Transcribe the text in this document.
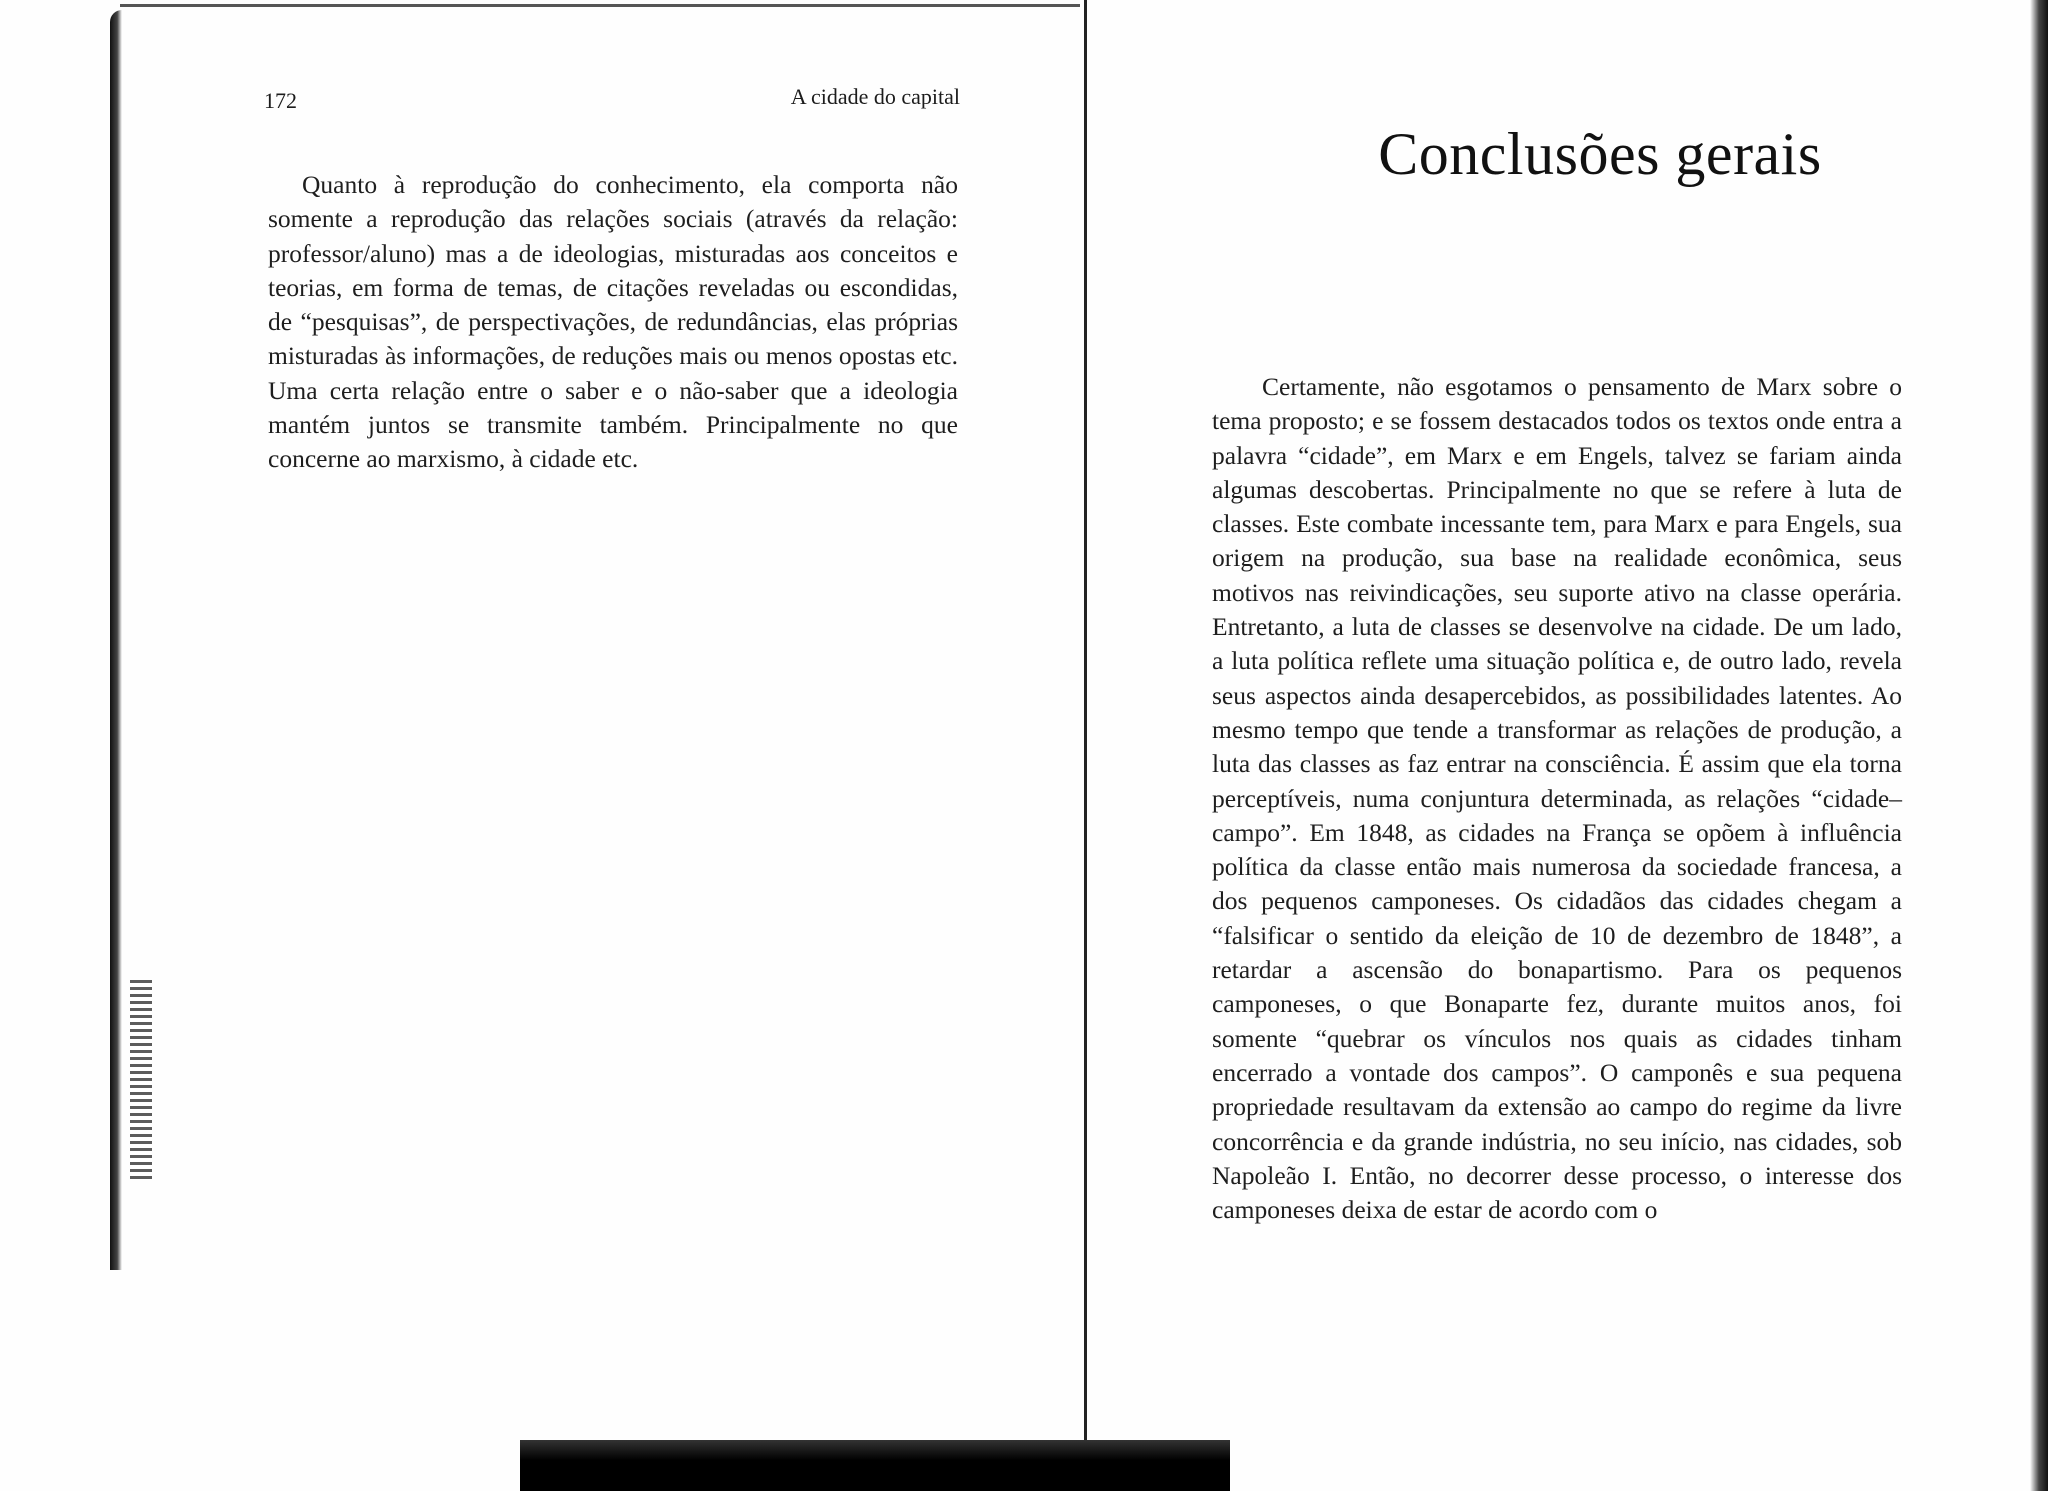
172	A cidade do capital

Quanto à reprodução do conhecimento, ela comporta não somente a reprodução das relações sociais (através da relação: professor/aluno) mas a de ideologias, misturadas aos conceitos e teorias, em forma de temas, de citações reveladas ou escondidas, de “pesquisas”, de perspectivações, de redundâncias, elas próprias misturadas às informações, de reduções mais ou menos opostas etc. Uma certa relação entre o saber e o não-saber que a ideologia mantém juntos se transmite também. Principalmente no que concerne ao marxismo, à cidade etc.

Conclusões gerais

Certamente, não esgotamos o pensamento de Marx sobre o tema proposto; e se fossem destacados todos os textos onde entra a palavra “cidade”, em Marx e em Engels, talvez se fariam ainda algumas descobertas. Principalmente no que se refere à luta de classes. Este combate incessante tem, para Marx e para Engels, sua origem na produção, sua base na realidade econômica, seus motivos nas reivindicações, seu suporte ativo na classe operária. Entretanto, a luta de classes se desenvolve na cidade. De um lado, a luta política reflete uma situação política e, de outro lado, revela seus aspectos ainda desapercebidos, as possibilidades latentes. Ao mesmo tempo que tende a transformar as relações de produção, a luta das classes as faz entrar na consciência. É assim que ela torna perceptíveis, numa conjuntura determinada, as relações “cidade–campo”. Em 1848, as cidades na França se opõem à influência política da classe então mais numerosa da sociedade francesa, a dos pequenos camponeses. Os cidadãos das cidades chegam a “falsificar o sentido da eleição de 10 de dezembro de 1848”, a retardar a ascensão do bonapartismo. Para os pequenos camponeses, o que Bonaparte fez, durante muitos anos, foi somente “quebrar os vínculos nos quais as cidades tinham encerrado a vontade dos campos”. O camponês e sua pequena propriedade resultavam da extensão ao campo do regime da livre concorrência e da grande indústria, no seu início, nas cidades, sob Napoleão I. Então, no decorrer desse processo, o interesse dos camponeses deixa de estar de acordo com o
